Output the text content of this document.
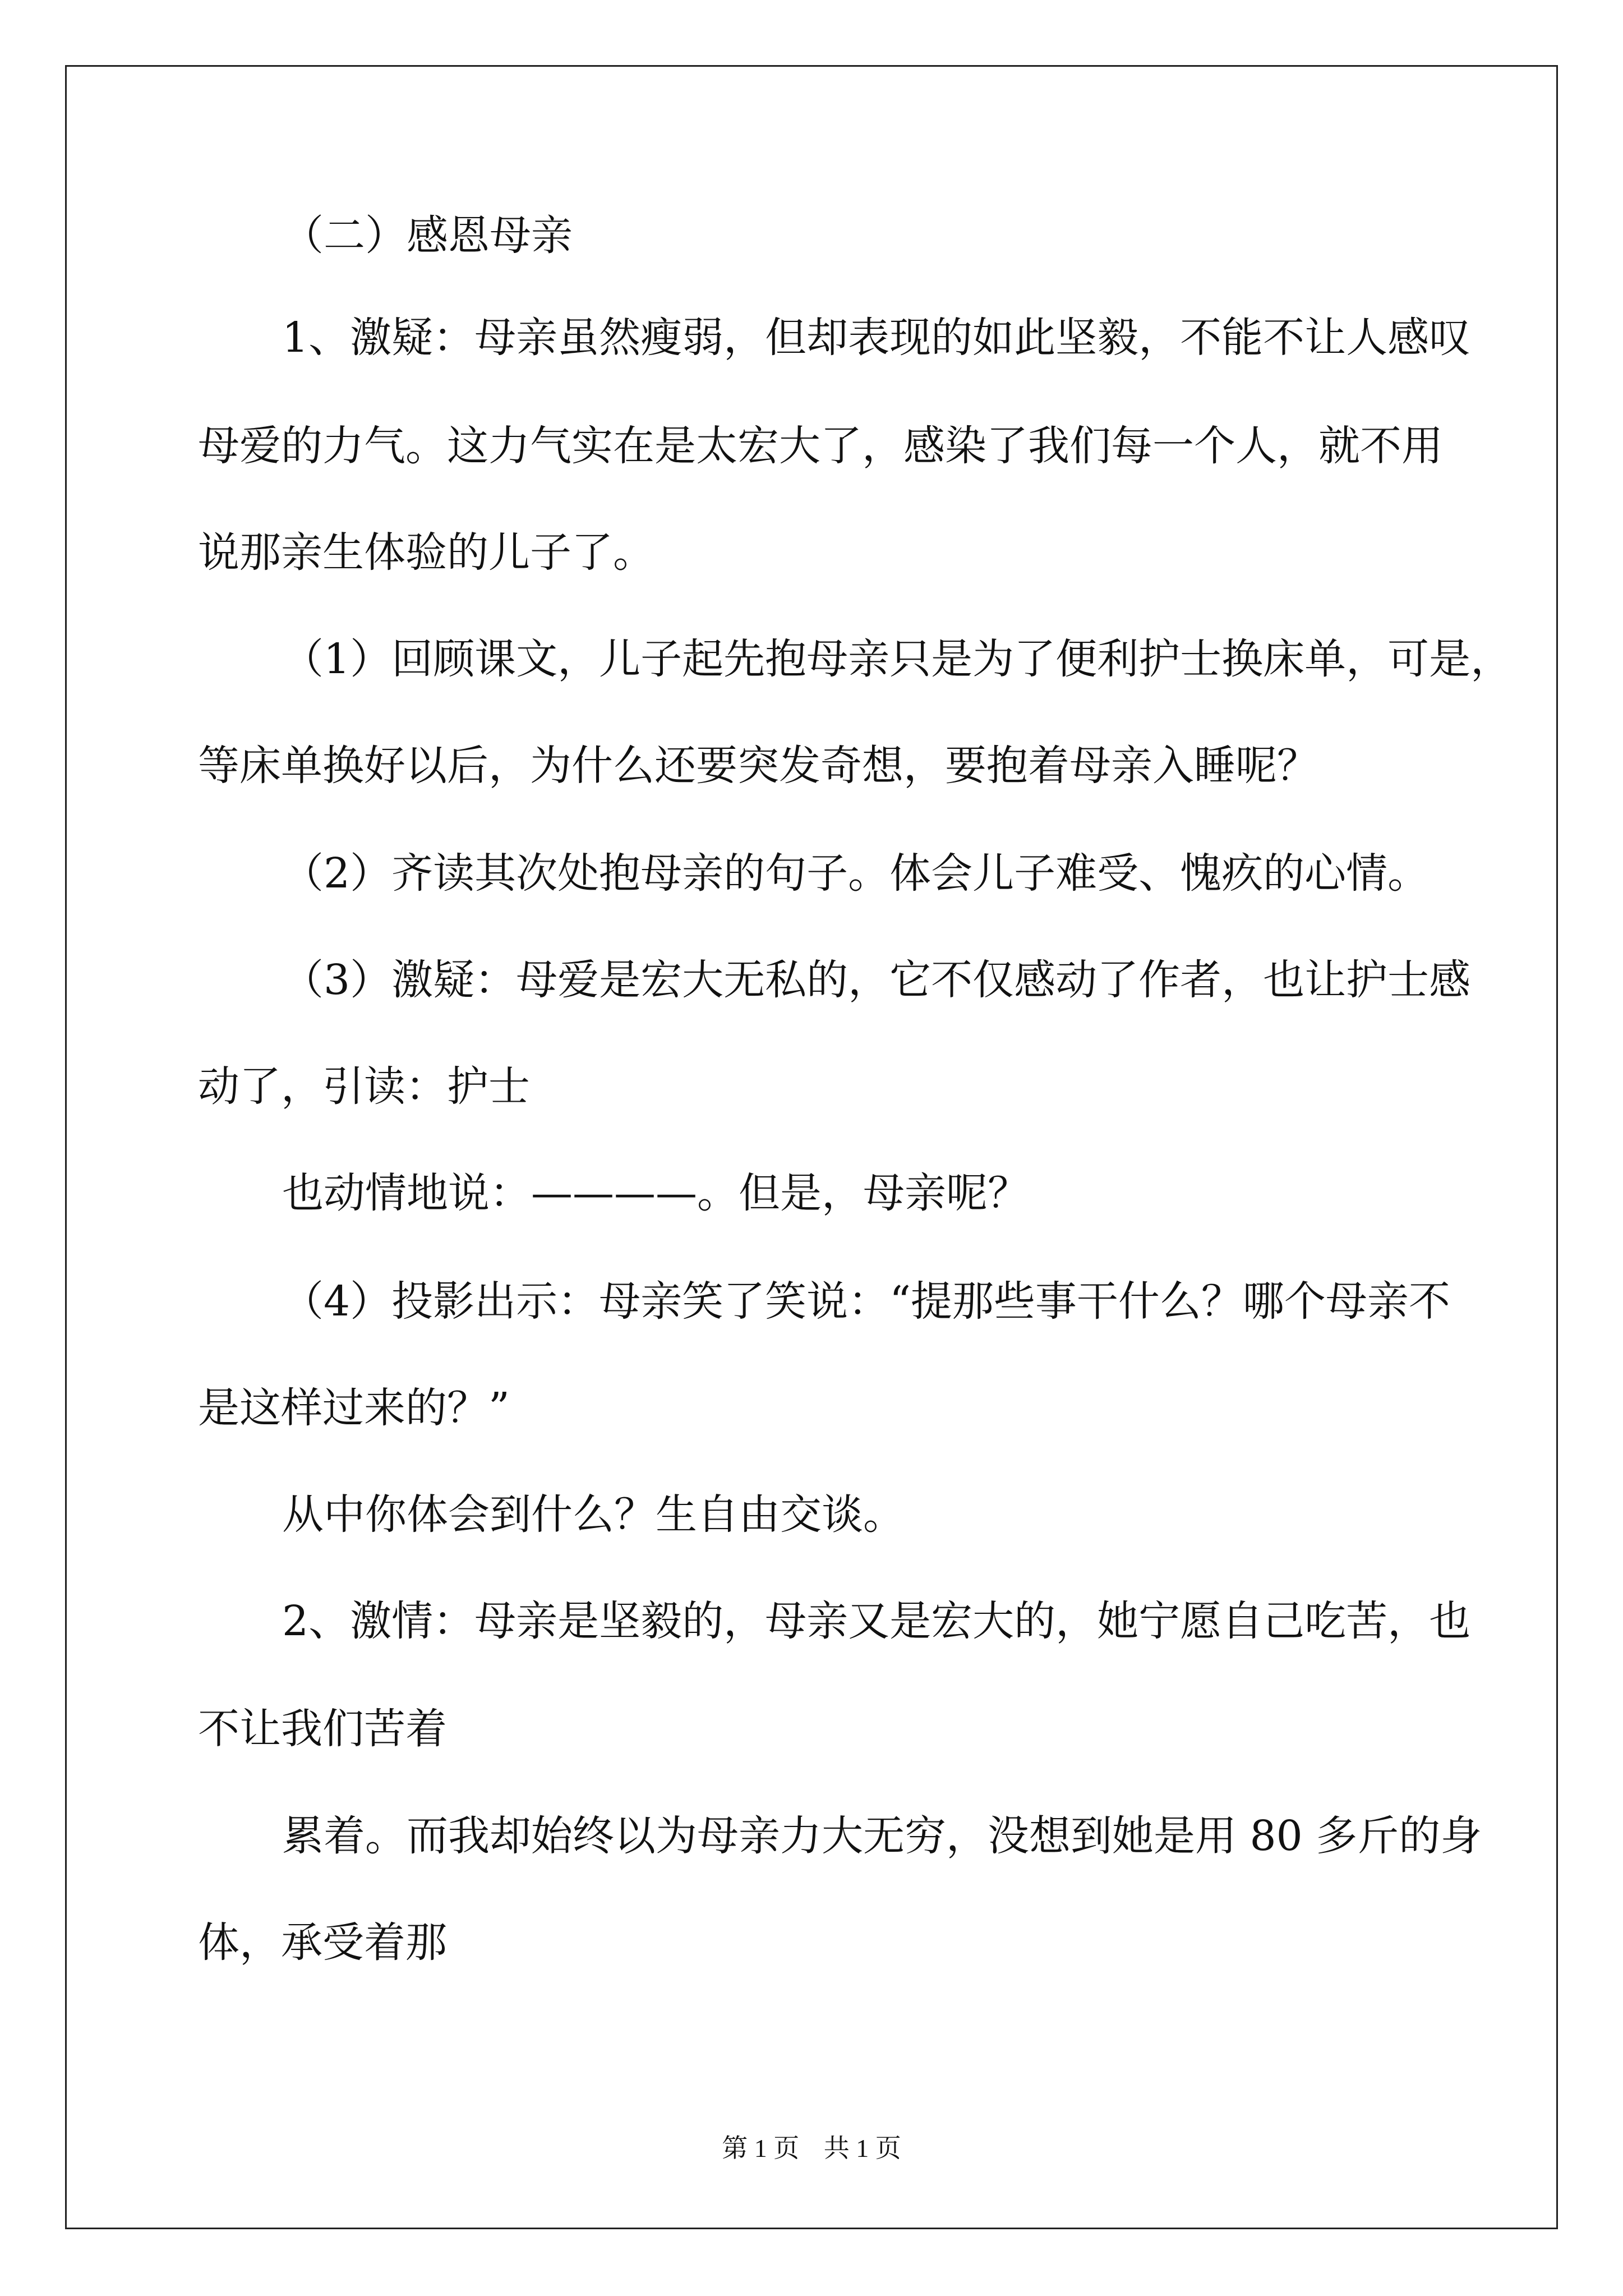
（二）感恩母亲
1、激疑：母亲虽然瘦弱，但却表现的如此坚毅，不能不让人感叹
母爱的力气。这力气实在是太宏大了，感染了我们每一个人，就不用
说那亲生体验的儿子了。
（1）回顾课文，儿子起先抱母亲只是为了便利护士换床单，可是，
等床单换好以后，为什么还要突发奇想，要抱着母亲入睡呢？
（2）齐读其次处抱母亲的句子。体会儿子难受、愧疚的心情。
（3）激疑：母爱是宏大无私的，它不仅感动了作者，也让护士感
动了，引读：护士
也动情地说：————。但是，母亲呢？
（4）投影出示：母亲笑了笑说：“提那些事干什么？哪个母亲不
是这样过来的？”
从中你体会到什么？生自由交谈。
2、激情：母亲是坚毅的，母亲又是宏大的，她宁愿自己吃苦，也
不让我们苦着
累着。而我却始终以为母亲力大无穷，没想到她是用 80 多斤的身
体，承受着那
第 1 页 共 1 页
